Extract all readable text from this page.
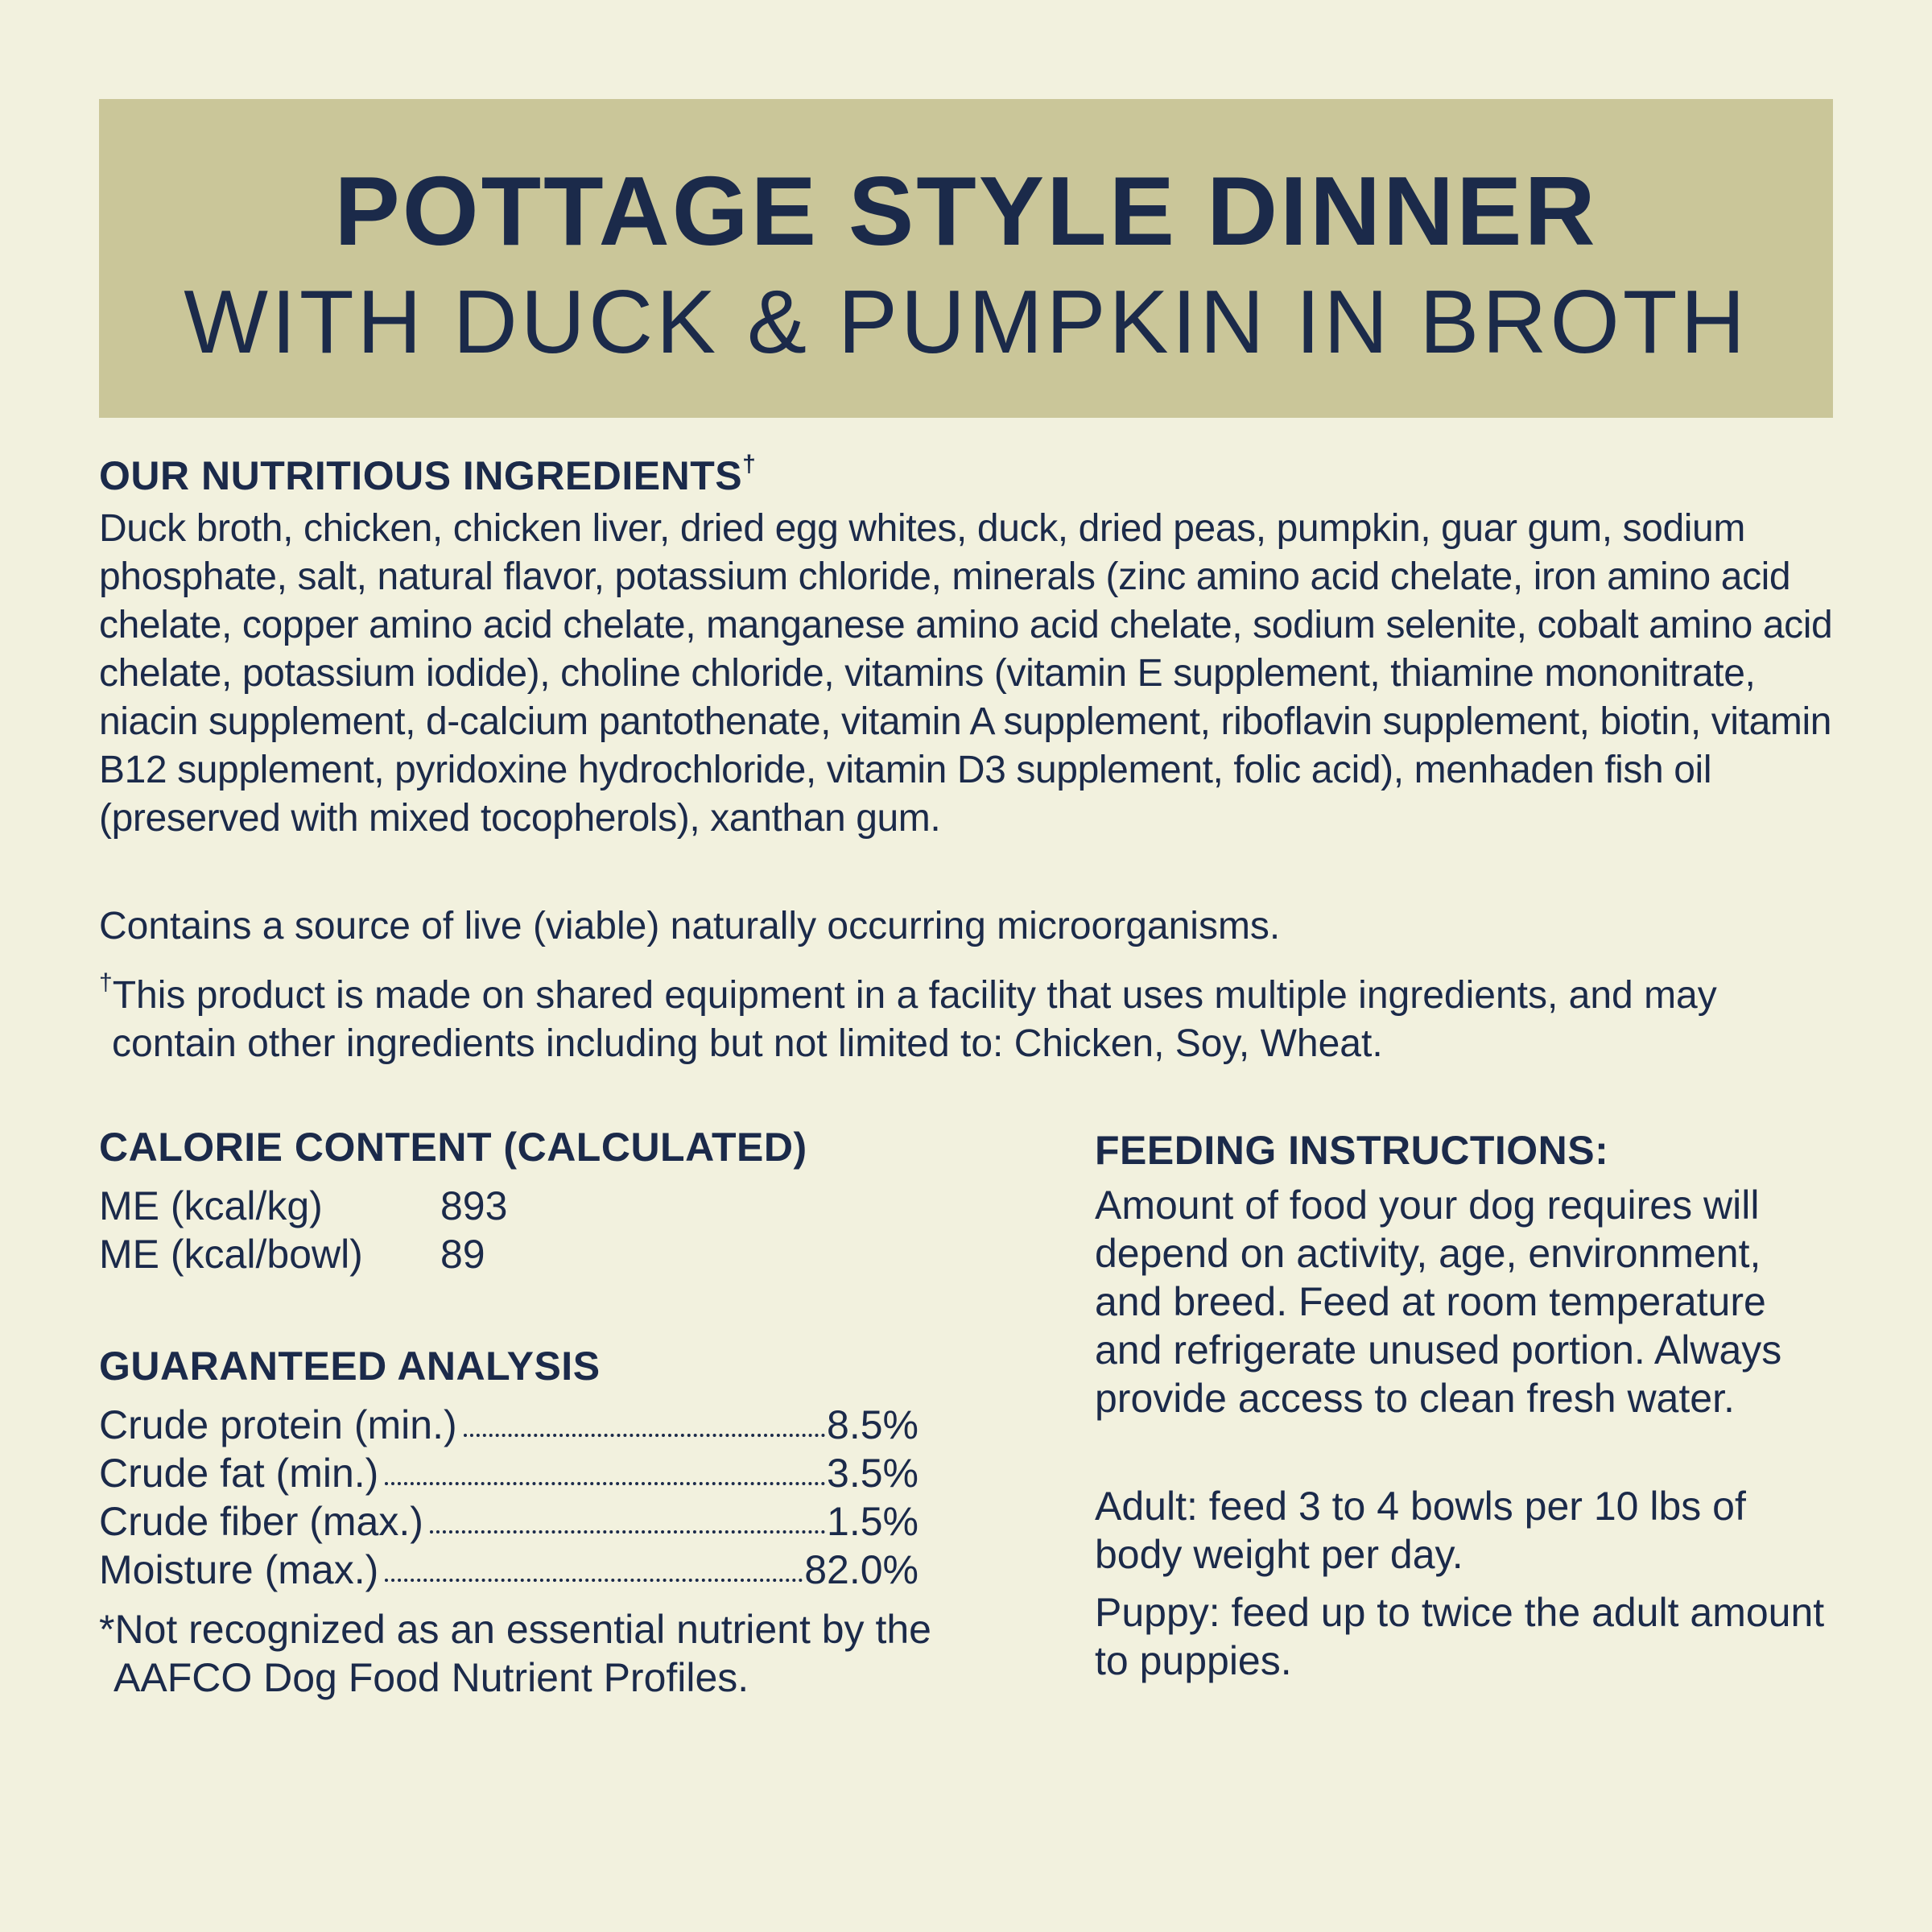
POTTAGE STYLE DINNER
WITH DUCK & PUMPKIN IN BROTH
OUR NUTRITIOUS INGREDIENTS†
Duck broth, chicken, chicken liver, dried egg whites, duck, dried peas, pumpkin, guar gum, sodium phosphate, salt, natural flavor, potassium chloride, minerals (zinc amino acid chelate, iron amino acid chelate, copper amino acid chelate, manganese amino acid chelate, sodium selenite, cobalt amino acid chelate, potassium iodide), choline chloride, vitamins (vitamin E supplement, thiamine mononitrate, niacin supplement, d-calcium pantothenate, vitamin A supplement, riboflavin supplement, biotin, vitamin B12 supplement, pyridoxine hydrochloride, vitamin D3 supplement, folic acid), menhaden fish oil (preserved with mixed tocopherols), xanthan gum.
Contains a source of live (viable) naturally occurring microorganisms.
†This product is made on shared equipment in a facility that uses multiple ingredients, and may contain other ingredients including but not limited to: Chicken, Soy, Wheat.
CALORIE CONTENT (CALCULATED)
ME (kcal/kg)	893
ME (kcal/bowl) 89
GUARANTEED ANALYSIS
Crude protein (min.)	8.5%
Crude fat (min.)	3.5%
Crude fiber (max.)	1.5%
Moisture (max.)	82.0%
*Not recognized as an essential nutrient by the AAFCO Dog Food Nutrient Profiles.
FEEDING INSTRUCTIONS:
Amount of food your dog requires will depend on activity, age, environment, and breed. Feed at room temperature and refrigerate unused portion. Always provide access to clean fresh water.
Adult: feed 3 to 4 bowls per 10 lbs of body weight per day.
Puppy: feed up to twice the adult amount to puppies.
